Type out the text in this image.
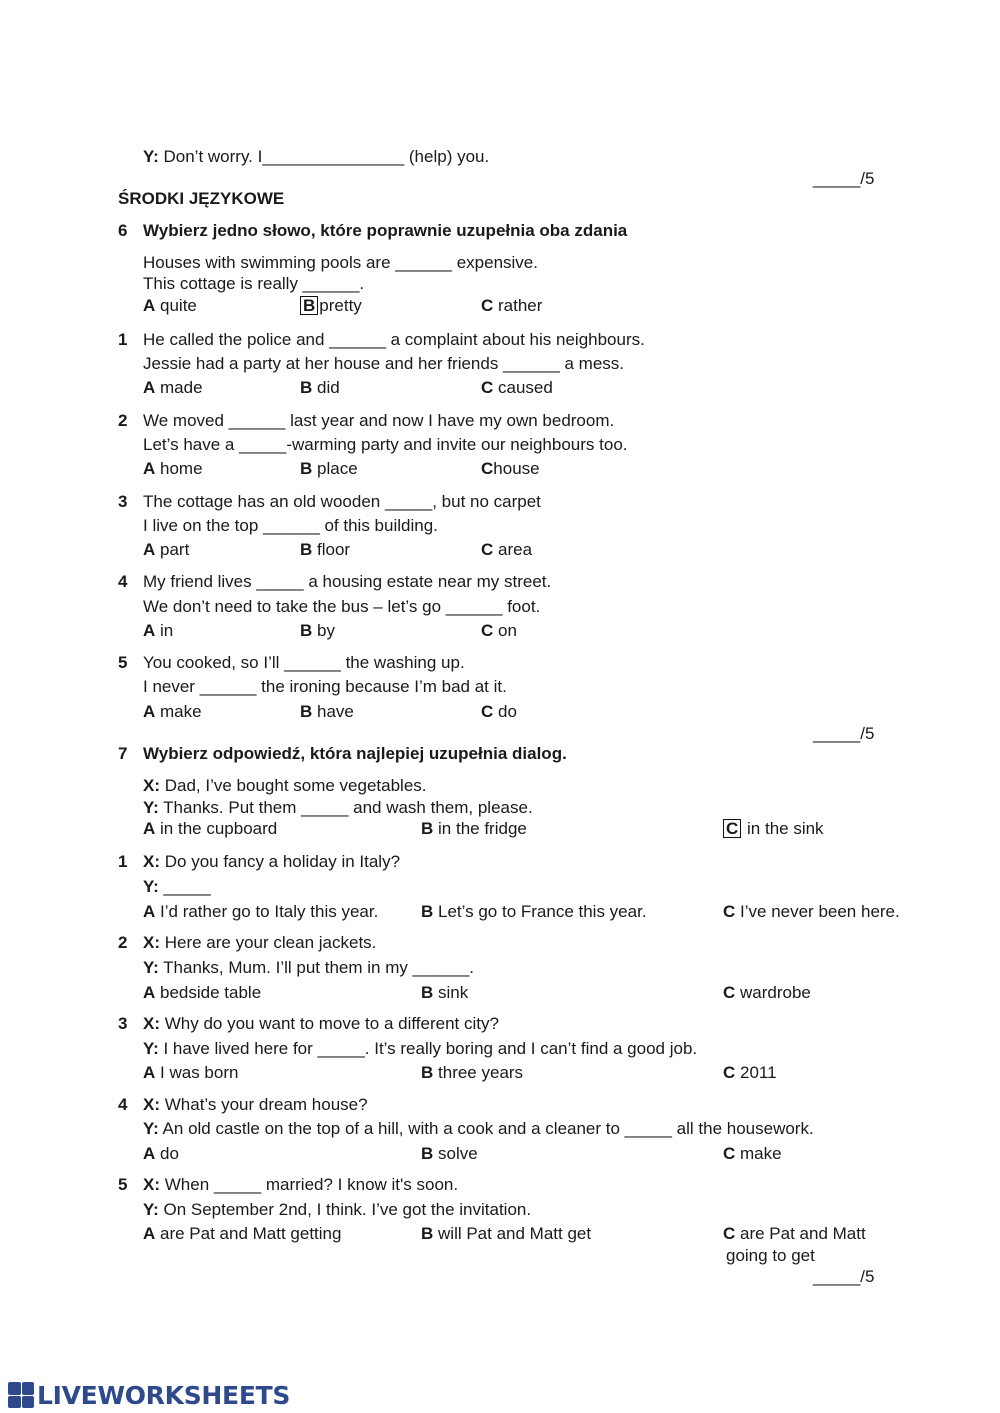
Y: Don’t worry. I_______________ (help) you.
_____/5
ŚRODKI JĘZYKOWE
6 Wybierz jedno słowo, które poprawnie uzupełnia oba zdania
Houses with swimming pools are ______ expensive.
This cottage is really ______.
A quite	B pretty	C rather
1 He called the police and ______ a complaint about his neighbours.
Jessie had a party at her house and her friends ______ a mess.
A made	B did	C caused
2 We moved ______ last year and now I have my own bedroom.
Let’s have a _____-warming party and invite our neighbours too.
A home	B place	Chouse
3 The cottage has an old wooden _____, but no carpet
I live on the top ______ of this building.
A part	B floor	C area
4 My friend lives _____ a housing estate near my street.
We don’t need to take the bus – let’s go ______ foot.
A in	B by	C on
5 You cooked, so I’ll ______ the washing up.
I never ______ the ironing because I’m bad at it.
A make	B have	C do
_____/5
7 Wybierz odpowiedź, która najlepiej uzupełnia dialog.
X: Dad, I’ve bought some vegetables.
Y: Thanks. Put them _____ and wash them, please.
A in the cupboard	B in the fridge	C in the sink
1 X: Do you fancy a holiday in Italy?
Y: _____
A I’d rather go to Italy this year.	B Let’s go to France this year.	C I’ve never been here.
2 X: Here are your clean jackets.
Y: Thanks, Mum. I’ll put them in my ______.
A bedside table	B sink	C wardrobe
3 X: Why do you want to move to a different city?
Y: I have lived here for _____. It’s really boring and I can’t find a good job.
A I was born	B three years	C 2011
4 X: What’s your dream house?
Y: An old castle on the top of a hill, with a cook and a cleaner to _____ all the housework.
A do	B solve	C make
5 X: When _____ married? I know it's soon.
Y: On September 2nd, I think. I’ve got the invitation.
A are Pat and Matt getting	B will Pat and Matt get	C are Pat and Matt
going to get
_____/5
LIVEWORKSHEETS
